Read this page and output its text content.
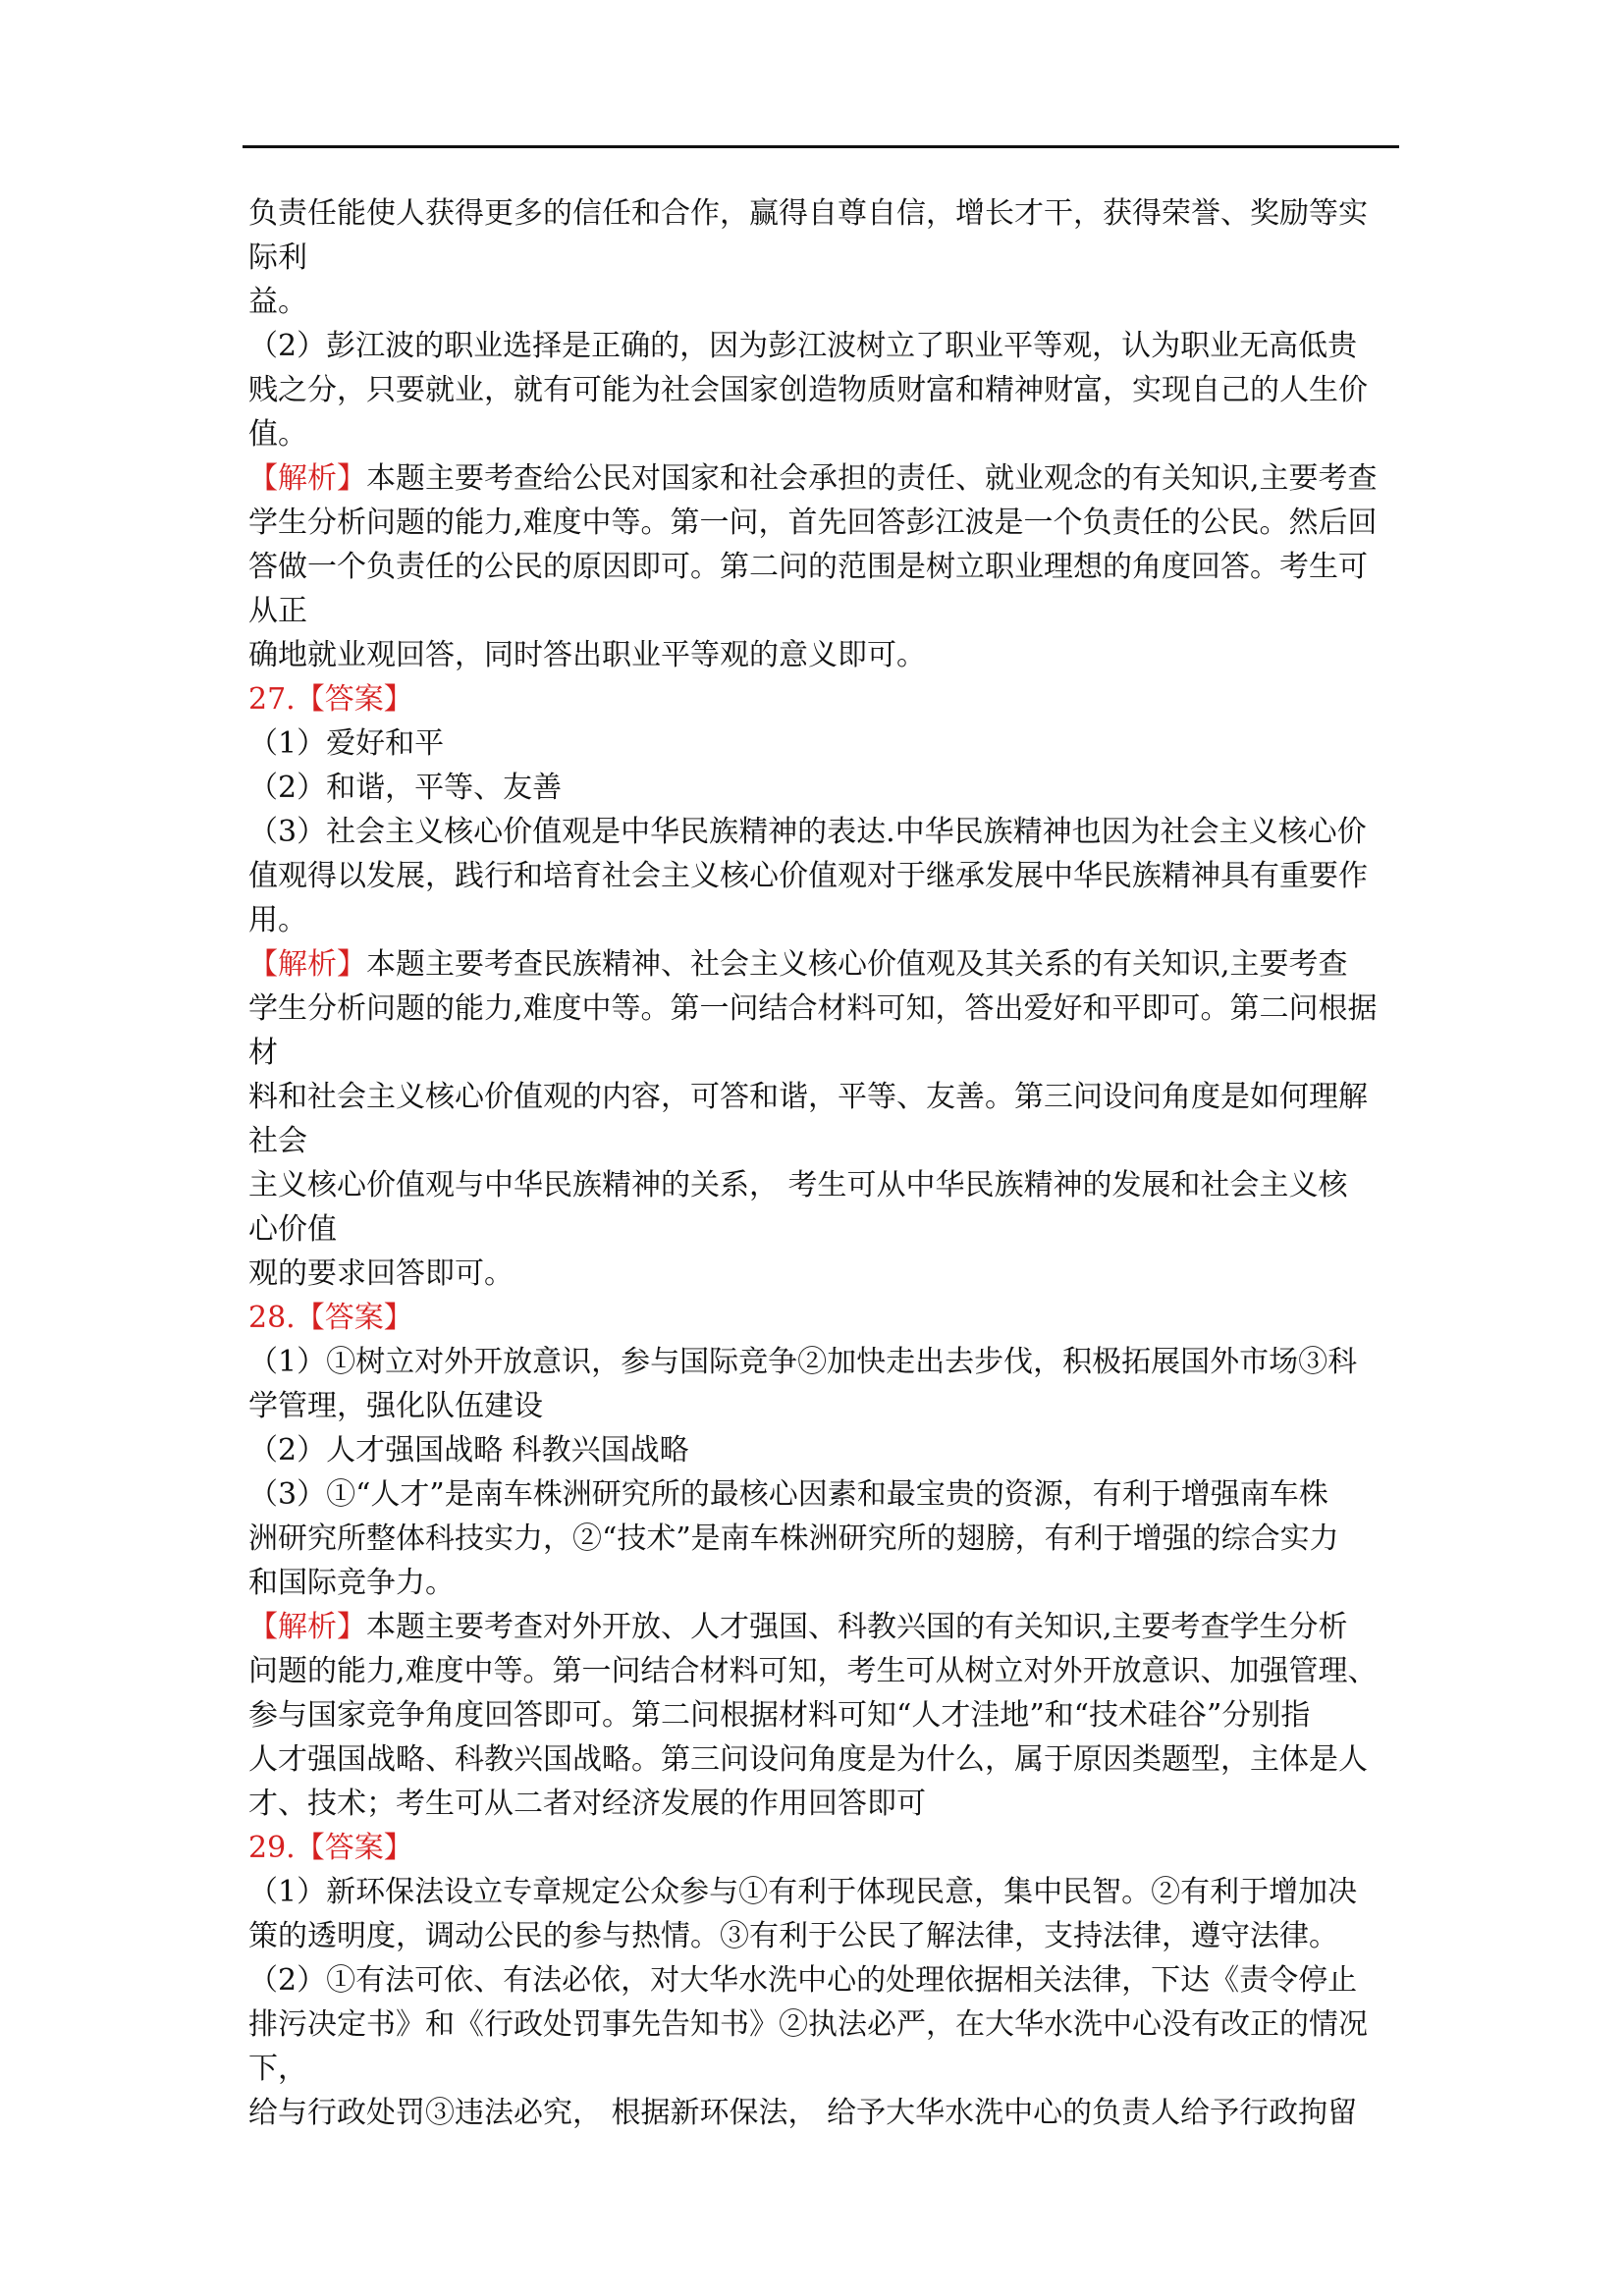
负责任能使人获得更多的信任和合作，赢得自尊自信，增长才干，获得荣誉、奖励等实
际利
益。
（2）彭江波的职业选择是正确的，因为彭江波树立了职业平等观，认为职业无高低贵
贱之分，只要就业，就有可能为社会国家创造物质财富和精神财富，实现自己的人生价
值。
【解析】本题主要考查给公民对国家和社会承担的责任、就业观念的有关知识,主要考查
学生分析问题的能力,难度中等。第一问，首先回答彭江波是一个负责任的公民。然后回
答做一个负责任的公民的原因即可。第二问的范围是树立职业理想的角度回答。考生可
从正
确地就业观回答，同时答出职业平等观的意义即可。
27.【答案】
（1）爱好和平
（2）和谐，平等、友善
（3）社会主义核心价值观是中华民族精神的表达.中华民族精神也因为社会主义核心价
值观得以发展，践行和培育社会主义核心价值观对于继承发展中华民族精神具有重要作
用。
【解析】本题主要考查民族精神、社会主义核心价值观及其关系的有关知识,主要考查
学生分析问题的能力,难度中等。第一问结合材料可知，答出爱好和平即可。第二问根据
材
料和社会主义核心价值观的内容，可答和谐，平等、友善。第三问设问角度是如何理解
社会
主义核心价值观与中华民族精神的关系， 考生可从中华民族精神的发展和社会主义核
心价值
观的要求回答即可。
28.【答案】
（1）①树立对外开放意识，参与国际竞争②加快走出去步伐，积极拓展国外市场③科
学管理，强化队伍建设
（2）人才强国战略 科教兴国战略
（3）①“人才”是南车株洲研究所的最核心因素和最宝贵的资源，有利于增强南车株
洲研究所整体科技实力，②“技术”是南车株洲研究所的翅膀，有利于增强的综合实力
和国际竞争力。
【解析】本题主要考查对外开放、人才强国、科教兴国的有关知识,主要考查学生分析
问题的能力,难度中等。第一问结合材料可知，考生可从树立对外开放意识、加强管理、
参与国家竞争角度回答即可。第二问根据材料可知“人才洼地”和“技术硅谷”分别指
人才强国战略、科教兴国战略。第三问设问角度是为什么，属于原因类题型，主体是人
才、技术；考生可从二者对经济发展的作用回答即可
29.【答案】
（1）新环保法设立专章规定公众参与①有利于体现民意，集中民智。②有利于增加决
策的透明度，调动公民的参与热情。③有利于公民了解法律，支持法律，遵守法律。
（2）①有法可依、有法必依，对大华水洗中心的处理依据相关法律，下达《责令停止
排污决定书》和《行政处罚事先告知书》②执法必严，在大华水洗中心没有改正的情况
下，
给与行政处罚③违法必究， 根据新环保法， 给予大华水洗中心的负责人给予行政拘留
